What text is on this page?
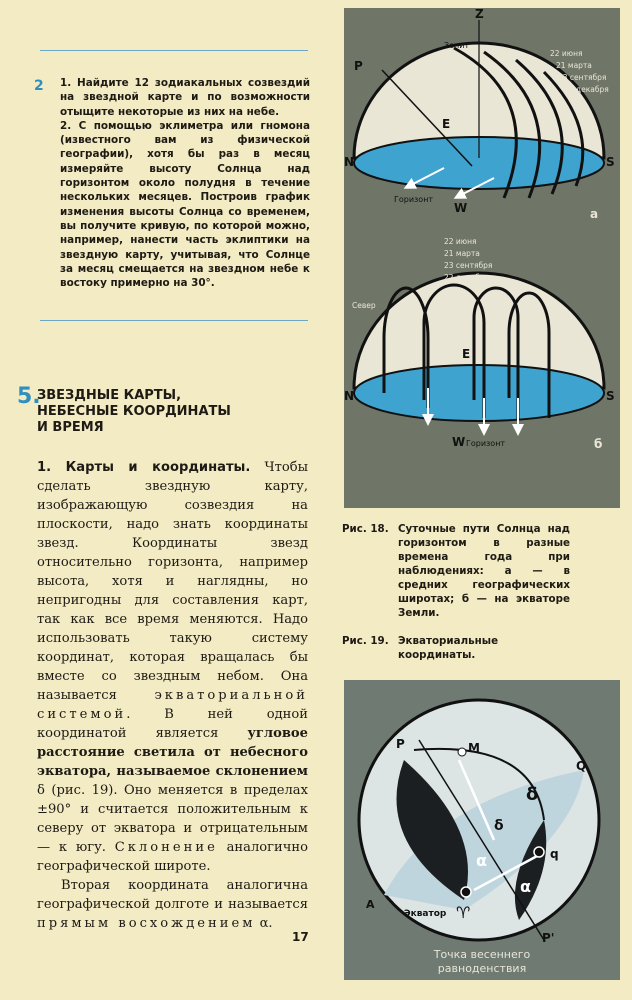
2 1. Найдите 12 зодиакальных созвездий на звездной карте и по возможности отыщите некоторые из них на небе.

2. С помощью эклиметра или гномона (известного вам из физической географии), хотя бы раз в месяц измеряйте высоту Солнца над горизонтом около полудня в течение нескольких месяцев. Построив график изменения высоты Солнца со временем, вы получите кривую, по которой можно, например, нанести часть эклиптики на звездную карту, учитывая, что Солнце за месяц смещается на звездном небе к востоку примерно на 30°.

5.
ЗВЕЗДНЫЕ КАРТЫ,
НЕБЕСНЫЕ КООРДИНАТЫ
И ВРЕМЯ

1. Карты и координаты. Чтобы сделать звездную карту, изображающую созвездия на плоскости, надо знать координаты звезд. Координаты звезд относительно горизонта, например высота, хотя и наглядны, но непригодны для составления карт, так как все время меняются. Надо использовать такую систему координат, которая вращалась бы вместе со звездным небом. Она называется экваториальной системой. В ней одной координатой является угловое расстояние светила от небесного экватора, называемое склонением δ (рис. 19). Оно меняется в пределах ±90° и считается положительным к северу от экватора и отрицательным — к югу. Склонение аналогично географической широте.

Вторая координата аналогична географической долготе и называется прямым восхождением α.

17
Z
Зенит
P
E
N	S
W
Горизонт
а
22 июня
21 марта
23 сентября
22 декабря
E
N	S
W Горизонт	б
Север
22 июня
21 марта
23 сентября
22 декабря
Рис. 18. Суточные пути Солнца над горизонтом в разные времена года при наблюдениях: а — в средних географических широтах; б — на экваторе Земли.
Рис. 19. Экваториальные координаты.
P	M
Q
δ
δ
q
α
α
A
Экватор ♈
P'
Точка весеннего
равноденствия
